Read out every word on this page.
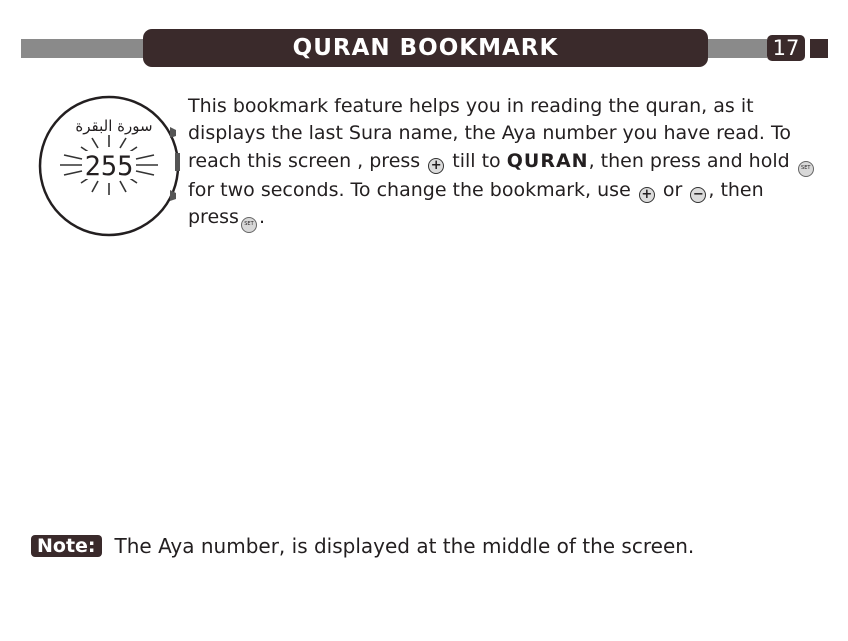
QURAN BOOKMARK	17
سورة البقرة
255
This bookmark feature helps you in reading the quran, as it displays the last Sura name, the Aya number you have read. To reach this screen , press + till to QURAN, then press and hold SET for two seconds. To change the bookmark, use + or − , then press SET .
Note: The Aya number, is displayed at the middle of the screen.
